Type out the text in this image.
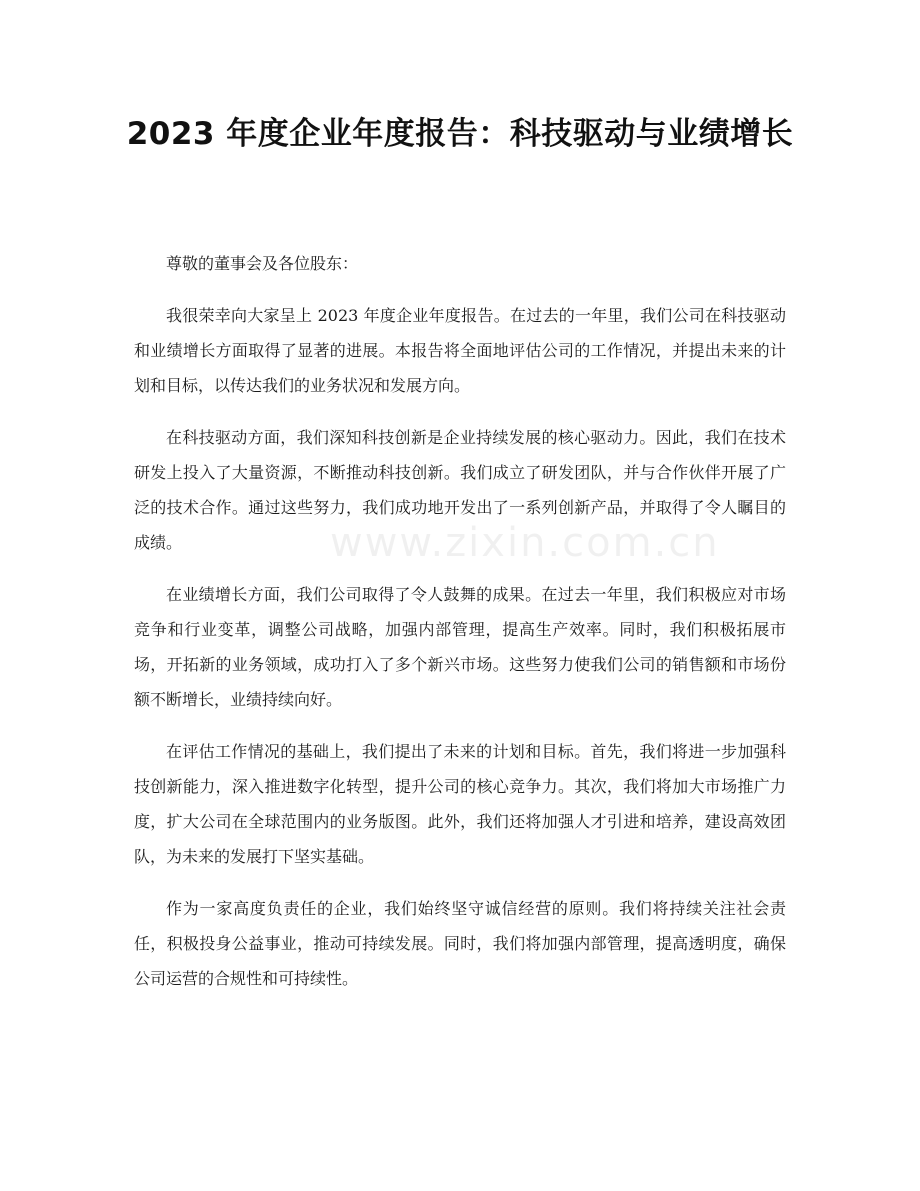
2023 年度企业年度报告：科技驱动与业绩增长
www.zixin.com.cn

尊敬的董事会及各位股东：

我很荣幸向大家呈上 2023 年度企业年度报告。在过去的一年里，我们公司在科技驱动和业绩增长方面取得了显著的进展。本报告将全面地评估公司的工作情况，并提出未来的计划和目标，以传达我们的业务状况和发展方向。

在科技驱动方面，我们深知科技创新是企业持续发展的核心驱动力。因此，我们在技术研发上投入了大量资源，不断推动科技创新。我们成立了研发团队，并与合作伙伴开展了广泛的技术合作。通过这些努力，我们成功地开发出了一系列创新产品，并取得了令人瞩目的成绩。

在业绩增长方面，我们公司取得了令人鼓舞的成果。在过去一年里，我们积极应对市场竞争和行业变革，调整公司战略，加强内部管理，提高生产效率。同时，我们积极拓展市场，开拓新的业务领域，成功打入了多个新兴市场。这些努力使我们公司的销售额和市场份额不断增长，业绩持续向好。

在评估工作情况的基础上，我们提出了未来的计划和目标。首先，我们将进一步加强科技创新能力，深入推进数字化转型，提升公司的核心竞争力。其次，我们将加大市场推广力度，扩大公司在全球范围内的业务版图。此外，我们还将加强人才引进和培养，建设高效团队，为未来的发展打下坚实基础。

作为一家高度负责任的企业，我们始终坚守诚信经营的原则。我们将持续关注社会责任，积极投身公益事业，推动可持续发展。同时，我们将加强内部管理，提高透明度，确保公司运营的合规性和可持续性。
